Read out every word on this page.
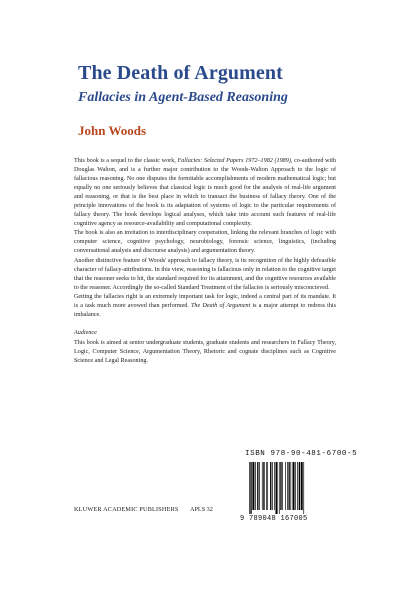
The Death of Argument
Fallacies in Agent-Based Reasoning
John Woods

This book is a sequel to the classic work, Fallacies: Selected Papers 1972–1982 (1989), co-authored with Douglas Walton, and is a further major contribution to the Woods-Walton Approach to the logic of fallacious reasoning. No one disputes the formitable accomplishments of modern mathematical logic; but equally no one seriously believes that classical logic is much good for the analysis of real-life argument and reasoning, or that is the best place in which to transact the business of fallacy theory. One of the principle innovations of the book is its adaptation of systems of logic to the particular requirements of fallacy theory. The book develops logical analyses, which take into account such features of real-life cognitive agency as resource-availability and computational complexity.

The book is also an invitation to interdisciplinary cooperation, linking the relevant branches of logic with computer science, cognitive psychology, neurobiology, forensic science, linguistics, (including conversational analysis and discourse analysis) and argumentation theory.

Another distinctive feature of Woods' approach to fallacy theory, is its recognition of the highly defeasible character of fallacy-attributions. In this view, reasoning is fallacious only in relation to the cognitive target that the reasoner seeks to hit, the standard required for its attainment, and the cognitive resources available to the reasoner. Accordingly the so-called Standard Treatment of the fallacies is seriously misconcieved.

Getting the fallacies right is an extremely important task for logic, indeed a central part of its mandate. It is a task much more avowed than performed. The Death of Argument is a major attempt to redress this imbalance.

Audience

This book is aimed at senior undergraduate students, graduate students and researchers in Fallacy Theory, Logic, Computer Science, Argumentation Theory, Rhetoric and cognate disciplines such as Cognitive Science and Legal Reasoning.

ISBN 978-90-481-6700-5
9 789048 167005
KLUWER ACADEMIC PUBLISHERS APLS 32
